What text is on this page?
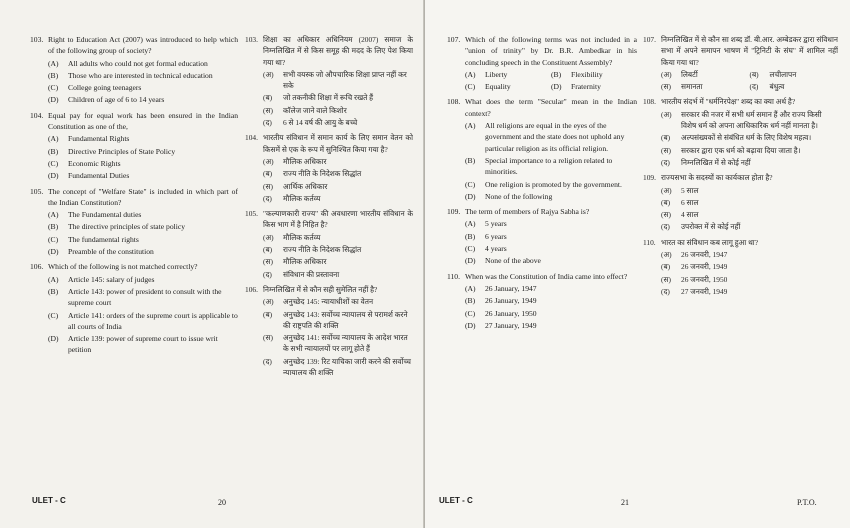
103. Right to Education Act (2007) was introduced to help which of the following group of society?
(A)	All adults who could not get formal education
(B)	Those who are interested in technical education
(C)	College going teenagers
(D)	Children of age of 6 to 14 years
104. Equal pay for equal work has been ensured in the Indian Constitution as one of the,
(A)	Fundamental Rights
(B)	Directive Principles of State Policy
(C)	Economic Rights
(D)	Fundamental Duties
105. The concept of "Welfare State" is included in which part of the Indian Constitution?
(A)	The Fundamental duties
(B)	The directive principles of state policy
(C)	The fundamental rights
(D)	Preamble of the constitution
106. Which of the following is not matched correctly?
(A)	Article 145: salary of judges
(B)	Article 143: power of president to consult with the supreme court
(C)	Article 141: orders of the supreme court is applicable to all courts of India
(D)	Article 139: power of supreme court to issue writ petition
103. शिक्षा का अधिकार अधिनियम (2007) समाज के निम्नलिखित में से किस समूह की मदद के लिए पेश किया गया था?
(अ)	सभी वयस्क जो औपचारिक शिक्षा प्राप्त नहीं कर सके
(ब)	जो तकनीकी शिक्षा में रूचि रखते हैं
(स)	कॉलेज जाने वाले किशोर
(द)	6 से 14 वर्ष की आयु के बच्चे
104. भारतीय संविधान में समान कार्य के लिए समान वेतन को किसमें से एक के रूप में सुनिश्चित किया गया है?
(अ)	मौलिक अधिकार
(ब)	राज्य नीति के निदेशक सिद्धांत
(स)	आर्थिक अधिकार
(द)	मौलिक कर्तव्य
105. "कल्याणकारी राज्य" की अवधारणा भारतीय संविधान के किस भाग में है निहित है?
(अ)	मौलिक कर्तव्य
(ब)	राज्य नीति के निदेशक सिद्धांत
(स)	मौलिक अधिकार
(द)	संविधान की प्रस्तावना
106. निम्नलिखित में से कौन सही सुमेलित नहीं है?
(अ)	अनुच्छेद 145: न्यायाधीशों का वेतन
(ब)	अनुच्छेद 143: सर्वोच्च न्यायालय से परामर्श करने की राष्ट्रपति की शक्ति
(स)	अनुच्छेद 141: सर्वोच्च न्यायालय के आदेश भारत के सभी न्यायालयों पर लागू होते हैं
(द)	अनुच्छेद 139: रिट याचिका जारी करने की सर्वोच्च न्यायालय की शक्ति
ULET - C	20
107. Which of the following terms was not included in a "union of trinity" by Dr. B.R. Ambedkar in his concluding speech in the Constituent Assembly?
(A)	Liberty	(B)	Flexibility
(C)	Equality	(D)	Fraternity
108. What does the term "Secular" mean in the Indian context?
(A)	All religions are equal in the eyes of the government and the state does not uphold any particular religion as its official religion.
(B)	Special importance to a religion related to minorities.
(C)	One religion is promoted by the government.
(D)	None of the following
109. The term of members of Rajya Sabha is?
(A)	5 years
(B)	6 years
(C)	4 years
(D)	None of the above
110. When was the Constitution of India came into effect?
(A)	26 January, 1947
(B)	26 January, 1949
(C)	26 January, 1950
(D)	27 January, 1949
107. निम्नलिखित में से कौन सा शब्द डॉ. बी.आर. अम्बेडकर द्वारा संविधान सभा में अपने समापन भाषण में "ट्रिनिटी के संघ" में शामिल नहीं किया गया था?
(अ)	लिबर्टी	(ब)	लचीलापन
(स)	समानता	(द)	बंधुत्व
108. भारतीय संदर्भ में "धर्मनिरपेक्ष" शब्द का क्या अर्थ है?
(अ)	सरकार की नजर में सभी धर्म समान हैं और राज्य किसी विशेष धर्म को अपना आधिकारिक धर्म नहीं मानता है।
(ब)	अल्पसंख्यकों से संबंधित धर्म के लिए विशेष महत्व।
(स)	सरकार द्वारा एक धर्म को बढ़ावा दिया जाता है।
(द)	निम्नलिखित में से कोई नहीं
109. राज्यसभा के सदस्यों का कार्यकाल होता है?
(अ)	5 साल
(ब)	6 साल
(स)	4 साल
(द)	उपरोक्त में से कोई नहीं
110. भारत का संविधान कब लागू हुआ था?
(अ)	26 जनवरी, 1947
(ब)	26 जनवरी, 1949
(स)	26 जनवरी, 1950
(द)	27 जनवरी, 1949
ULET - C	21	P.T.O.
